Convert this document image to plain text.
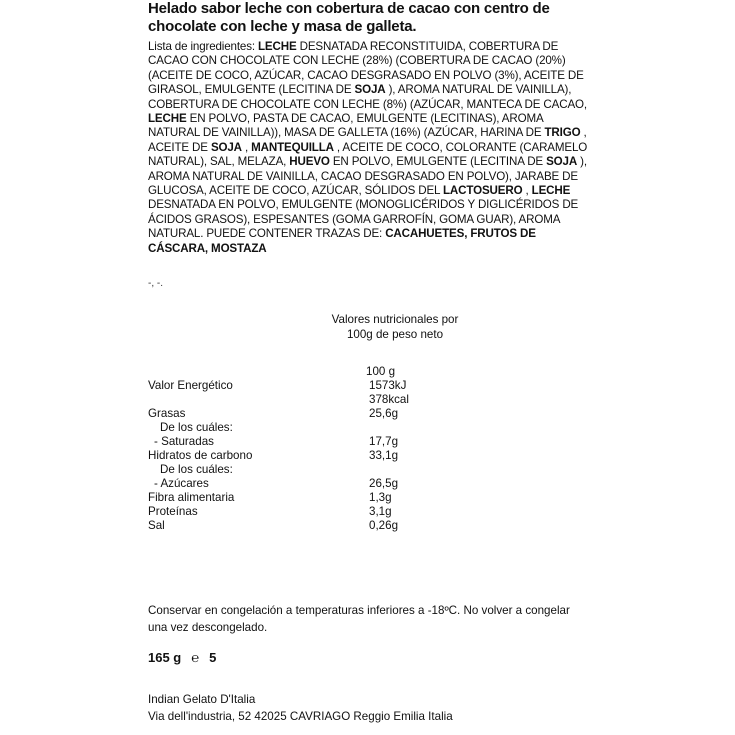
Helado sabor leche con cobertura de cacao con centro de chocolate con leche y masa de galleta.
Lista de ingredientes: LECHE DESNATADA RECONSTITUIDA, COBERTURA DE CACAO CON CHOCOLATE CON LECHE (28%) (COBERTURA DE CACAO (20%) (ACEITE DE COCO, AZÚCAR, CACAO DESGRASADO EN POLVO (3%), ACEITE DE GIRASOL, EMULGENTE (LECITINA DE SOJA ), AROMA NATURAL DE VAINILLA), COBERTURA DE CHOCOLATE CON LECHE (8%) (AZÚCAR, MANTECA DE CACAO, LECHE EN POLVO, PASTA DE CACAO, EMULGENTE (LECITINAS), AROMA NATURAL DE VAINILLA)), MASA DE GALLETA (16%) (AZÚCAR, HARINA DE TRIGO , ACEITE DE SOJA , MANTEQUILLA , ACEITE DE COCO, COLORANTE (CARAMELO NATURAL), SAL, MELAZA, HUEVO EN POLVO, EMULGENTE (LECITINA DE SOJA ), AROMA NATURAL DE VAINILLA, CACAO DESGRASADO EN POLVO), JARABE DE GLUCOSA, ACEITE DE COCO, AZÚCAR, SÓLIDOS DEL LACTOSUERO , LECHE DESNATADA EN POLVO, EMULGENTE (MONOGLICÉRIDOS Y DIGLICÉRIDOS DE ÁCIDOS GRASOS), ESPESANTES (GOMA GARROFÍN, GOMA GUAR), AROMA NATURAL. PUEDE CONTENER TRAZAS DE: CACAHUETES, FRUTOS DE CÁSCARA, MOSTAZA
-, -.
Valores nutricionales por
100g de peso neto
100 g
Valor Energético	1573kJ
378kcal
Grasas	25,6g
De los cuáles:
- Saturadas	17,7g
Hidratos de carbono	33,1g
De los cuáles:
- Azúcares	26,5g
Fibra alimentaria	1,3g
Proteínas	3,1g
Sal	0,26g
Conservar en congelación a temperaturas inferiores a -18ºC. No volver a congelar una vez descongelado.
165 g ℮ 5
Indian Gelato D'Italia
Via dell'industria, 52 42025 CAVRIAGO Reggio Emilia Italia
